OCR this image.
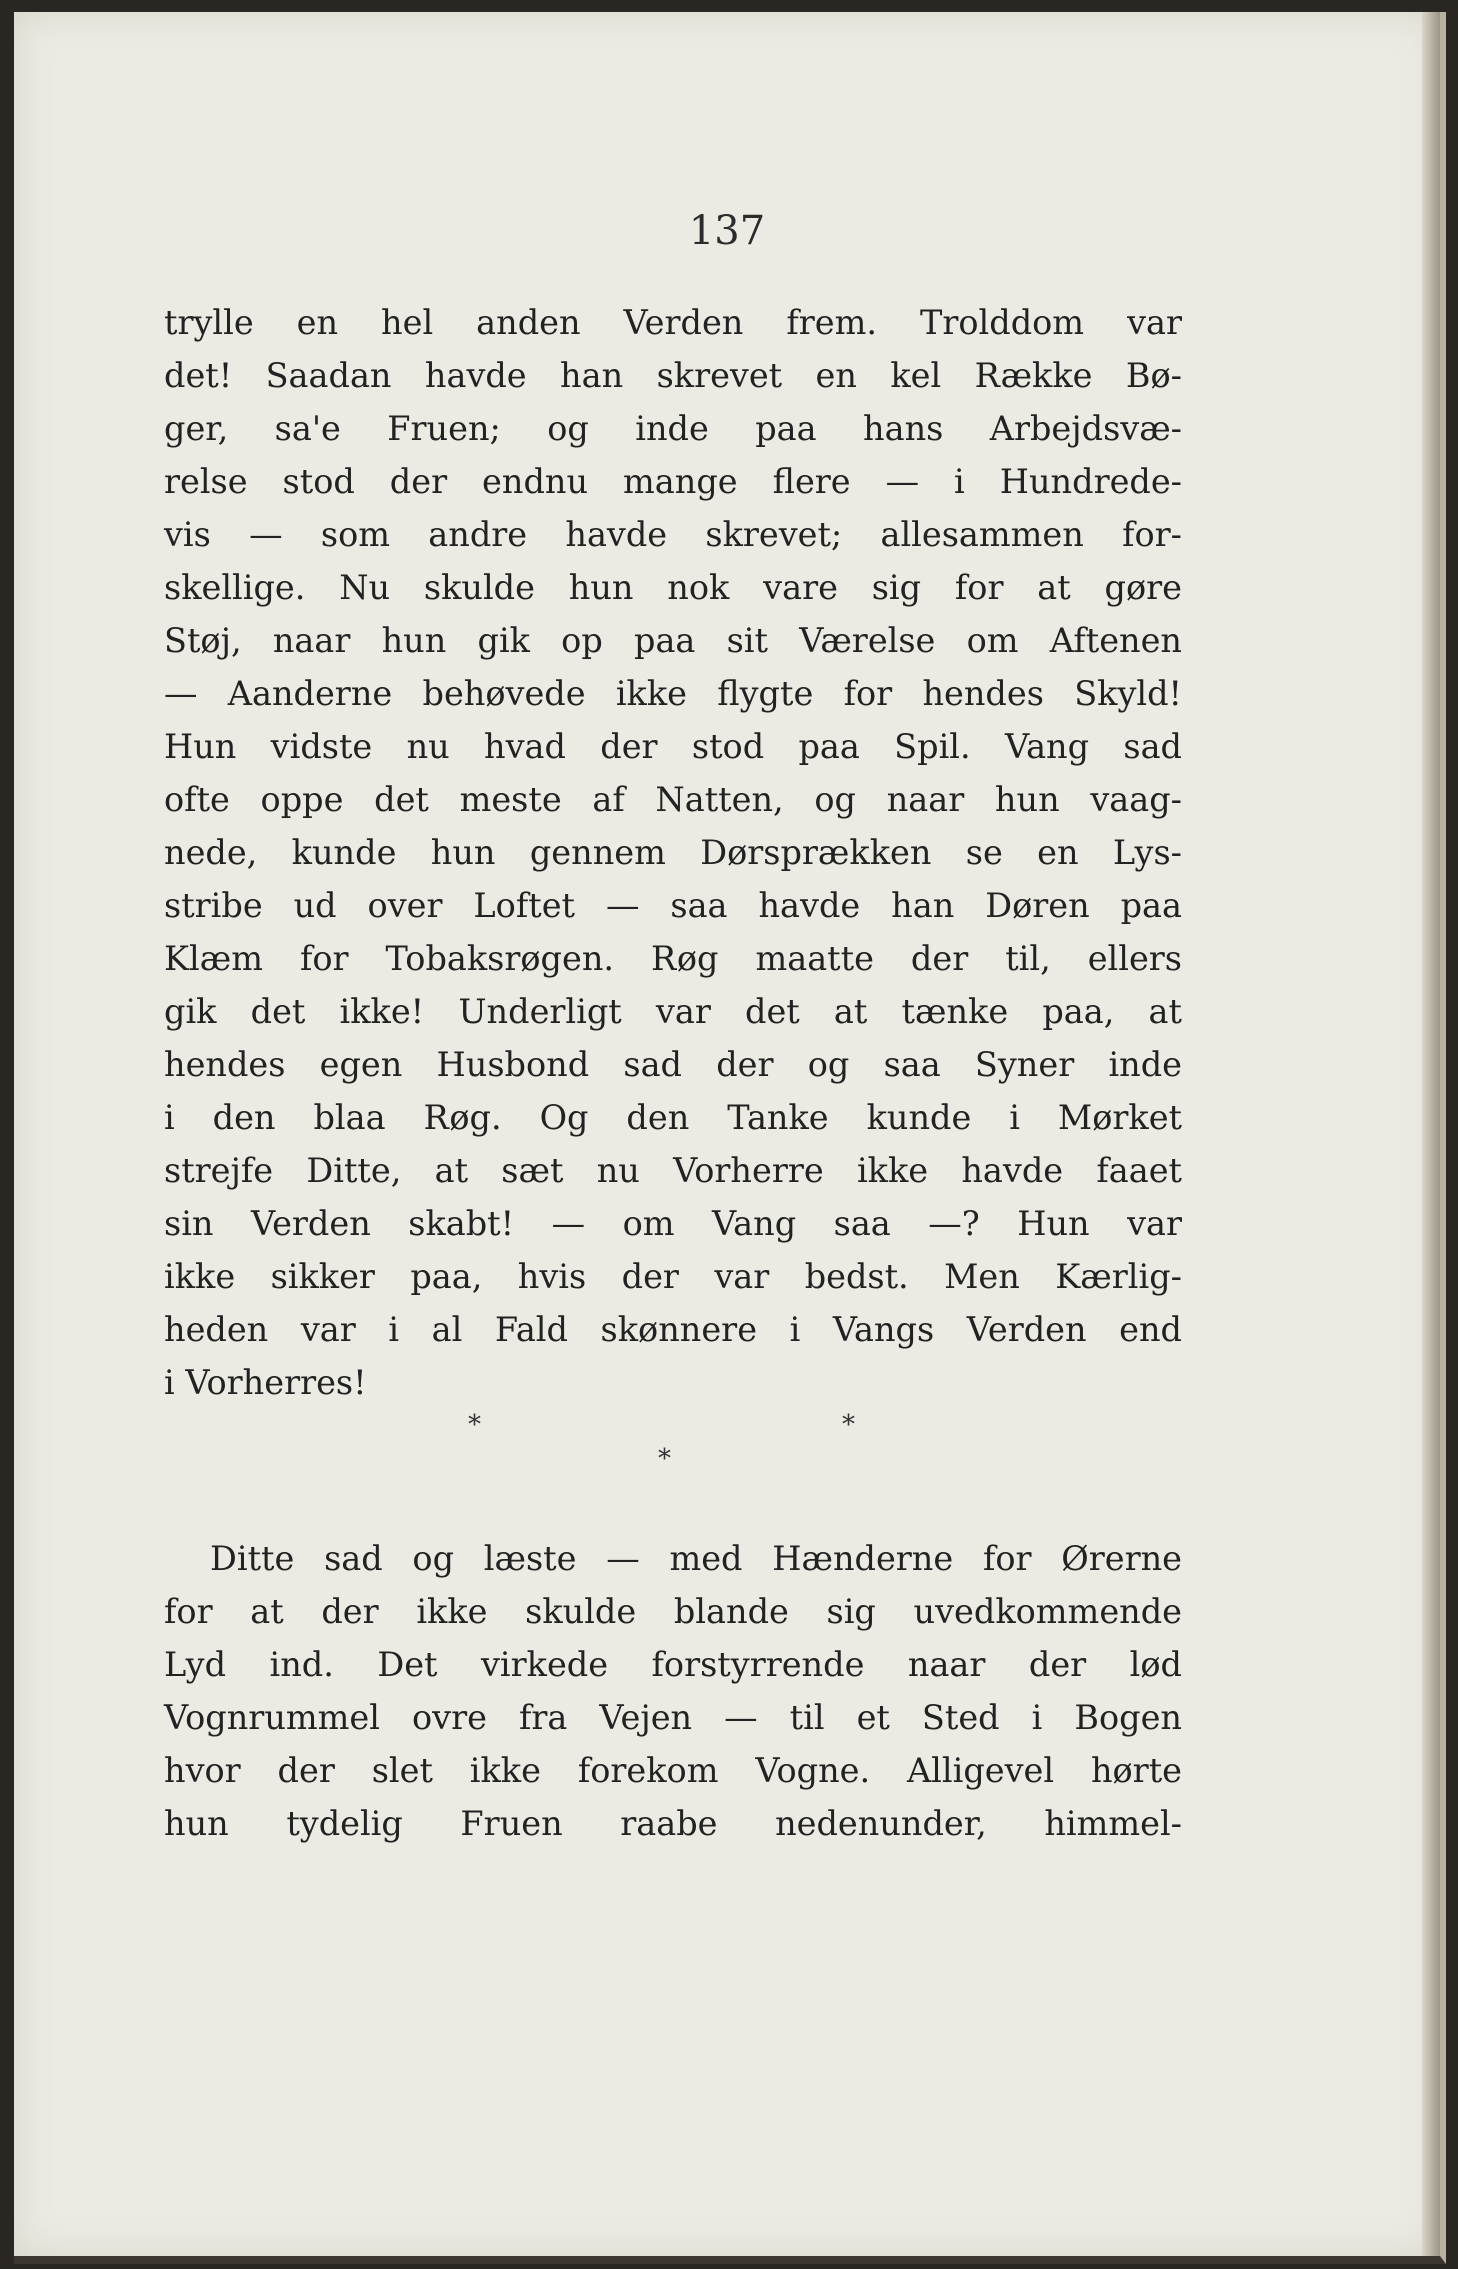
137
trylle en hel anden Verden frem. Trolddom var
det! Saadan havde han skrevet en kel Række Bø-
ger, sa'e Fruen; og inde paa hans Arbejdsvæ-
relse stod der endnu mange flere — i Hundrede-
vis — som andre havde skrevet; allesammen for-
skellige. Nu skulde hun nok vare sig for at gøre
Støj, naar hun gik op paa sit Værelse om Aftenen
— Aanderne behøvede ikke flygte for hendes Skyld!
Hun vidste nu hvad der stod paa Spil. Vang sad
ofte oppe det meste af Natten, og naar hun vaag-
nede, kunde hun gennem Dørsprækken se en Lys-
stribe ud over Loftet — saa havde han Døren paa
Klæm for Tobaksrøgen. Røg maatte der til, ellers
gik det ikke! Underligt var det at tænke paa, at
hendes egen Husbond sad der og saa Syner inde
i den blaa Røg. Og den Tanke kunde i Mørket
strejfe Ditte, at sæt nu Vorherre ikke havde faaet
sin Verden skabt! — om Vang saa —? Hun var
ikke sikker paa, hvis der var bedst. Men Kærlig-
heden var i al Fald skønnere i Vangs Verden end
i Vorherres!
*	*
*
Ditte sad og læste — med Hænderne for Ørerne
for at der ikke skulde blande sig uvedkommende
Lyd ind. Det virkede forstyrrende naar der lød
Vognrummel ovre fra Vejen — til et Sted i Bogen
hvor der slet ikke forekom Vogne. Alligevel hørte
hun tydelig Fruen raabe nedenunder, himmel-
